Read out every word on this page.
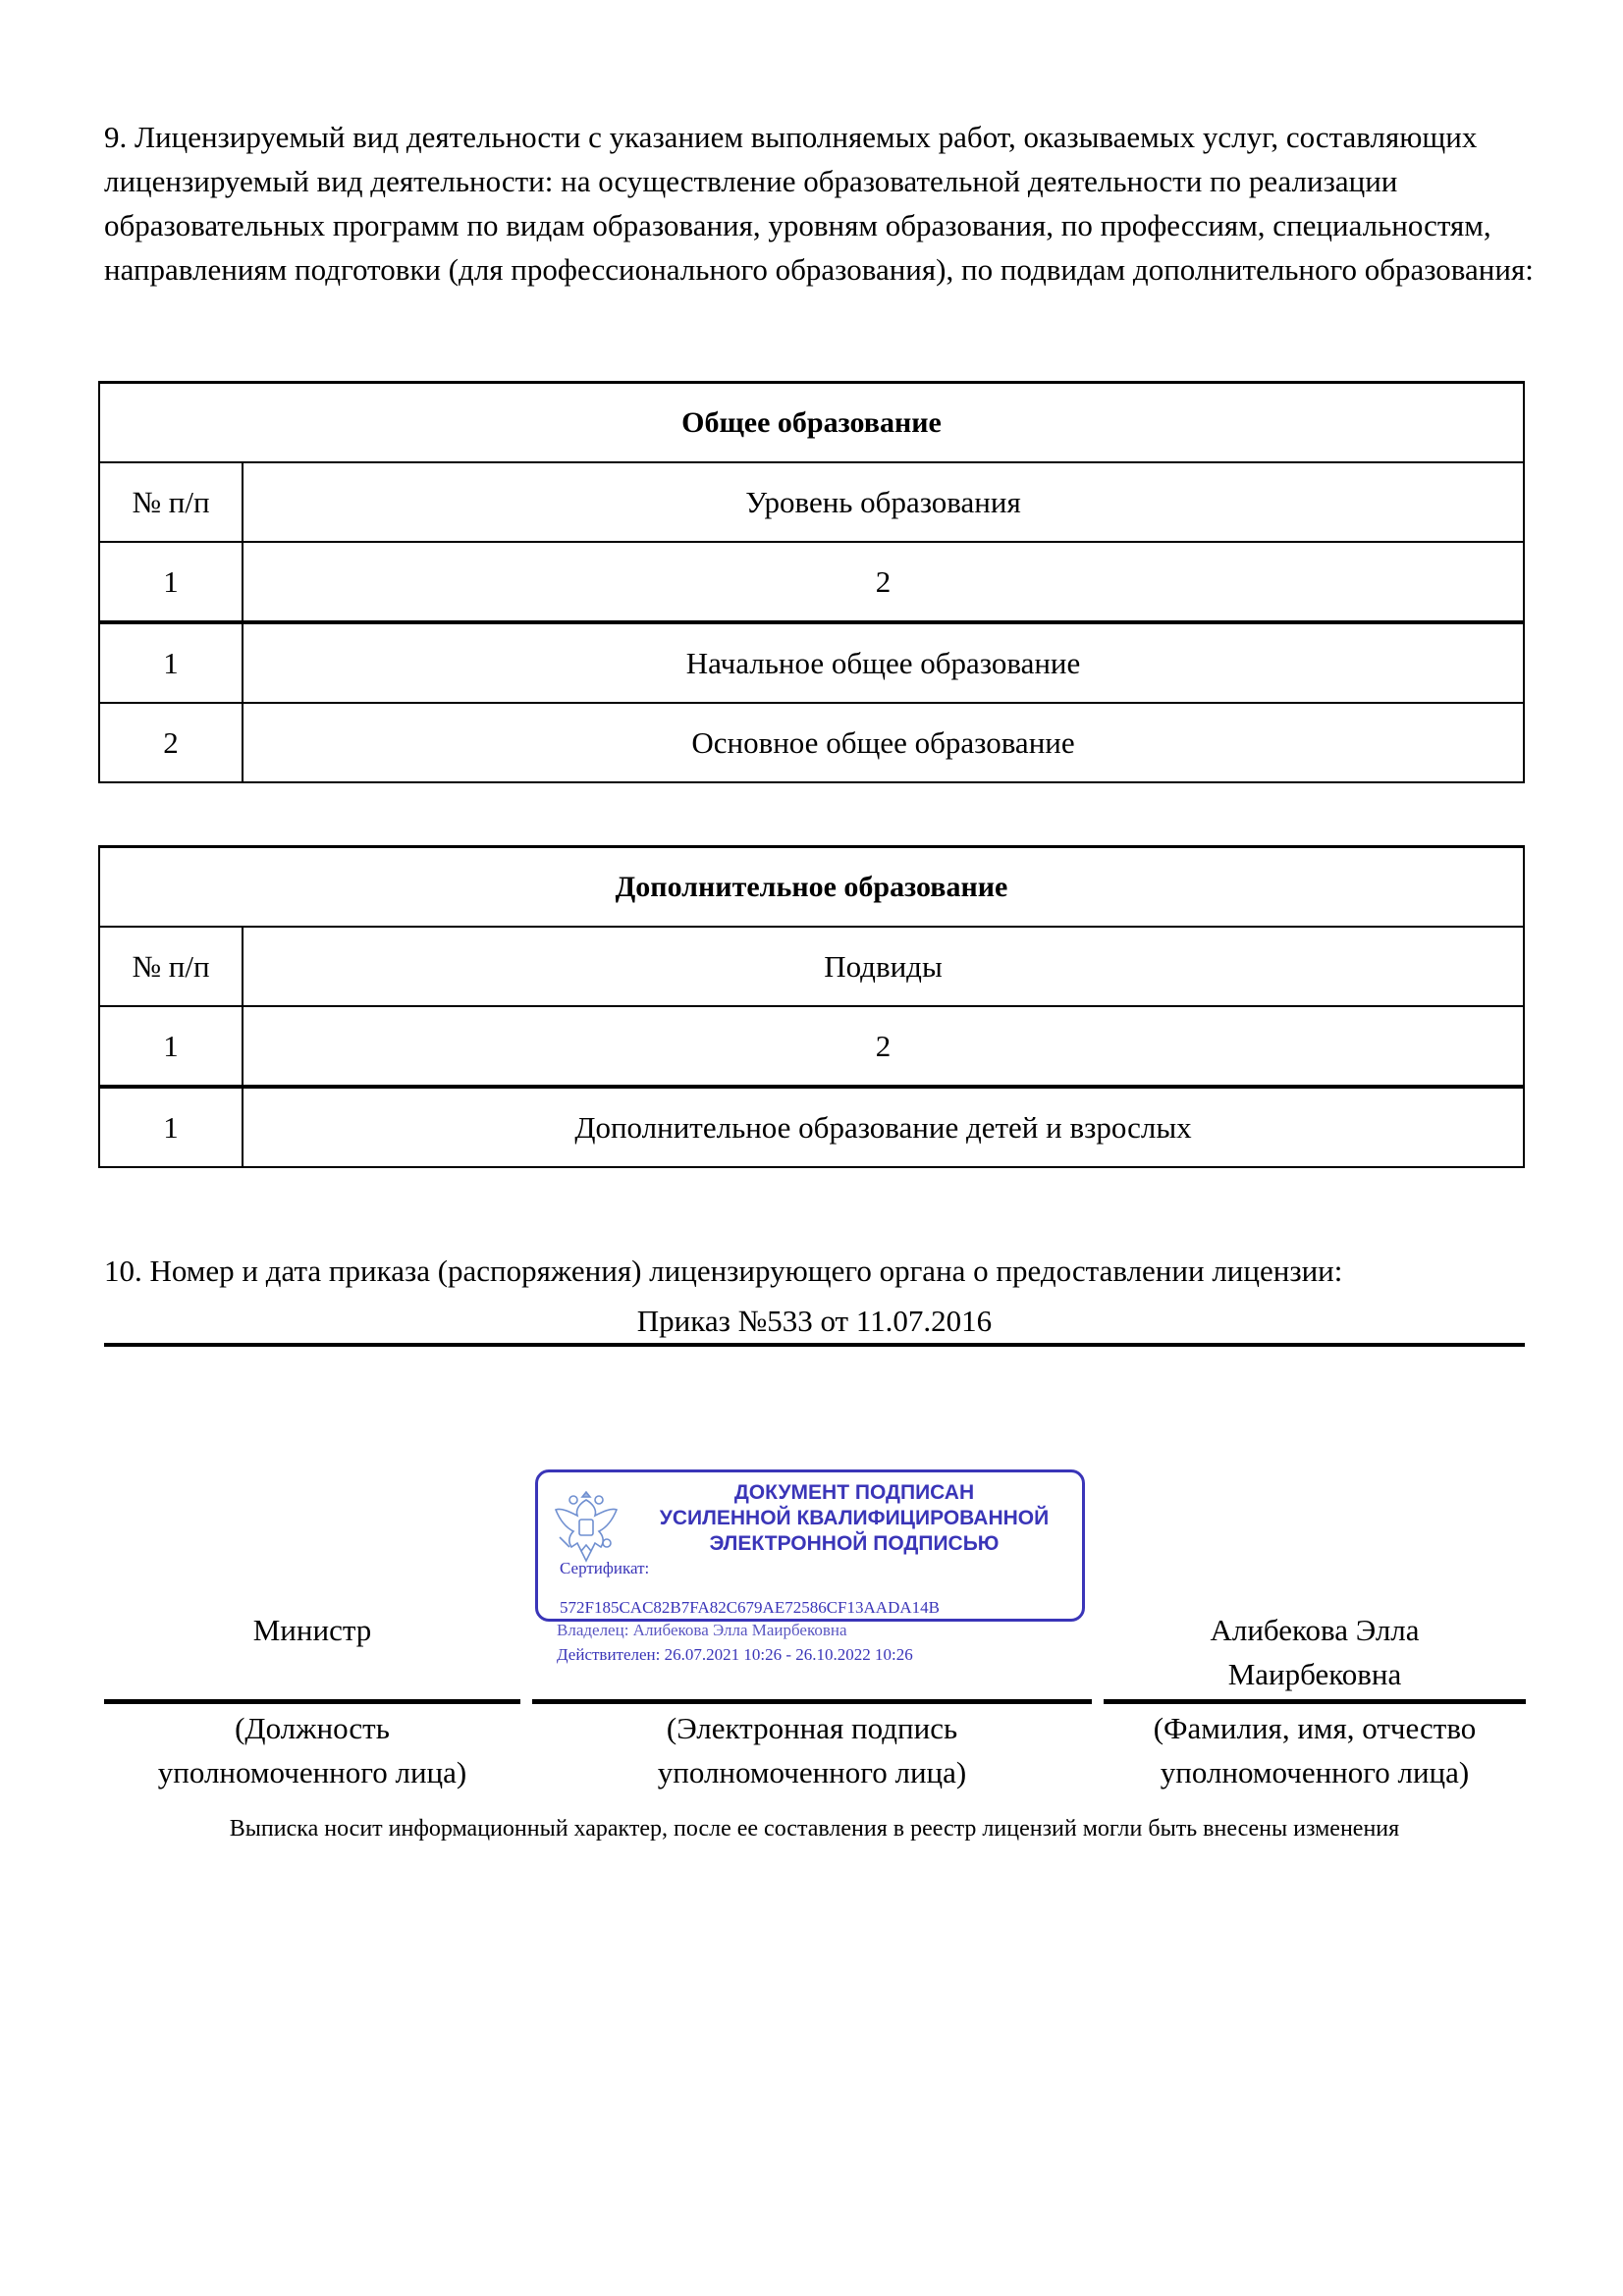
9. Лицензируемый вид деятельности с указанием выполняемых работ, оказываемых услуг, составляющих лицензируемый вид деятельности: на осуществление образовательной деятельности по реализации образовательных программ по видам образования, уровням образования, по профессиям, специальностям, направлениям подготовки (для профессионального образования), по подвидам дополнительного образования:

Общее образование	
№ п/п	Уровень образования
1	2
1	Начальное общее образование
2	Основное общее образование
Дополнительное образование	
№ п/п	Подвиды
1	2
1	Дополнительное образование детей и взрослых

10. Номер и дата приказа (распоряжения) лицензирующего органа о предоставлении лицензии:

Приказ №533 от 11.07.2016
ДОКУМЕНТ ПОДПИСАН
УСИЛЕННОЙ КВАЛИФИЦИРОВАННОЙ
ЭЛЕКТРОННОЙ ПОДПИСЬЮ
Сертификат:
572F185CAC82B7FA82C679AE72586CF13AADA14B
Владелец: Алибекова Элла Маирбековна
Действителен: 26.07.2021 10:26 - 26.10.2022 10:26
Министр	Алибекова Элла
Маирбековна
(Должность
уполномоченного лица)
(Электронная подпись
уполномоченного лица)
(Фамилия, имя, отчество
уполномоченного лица)
Выписка носит информационный характер, после ее составления в реестр лицензий могли быть внесены изменения
